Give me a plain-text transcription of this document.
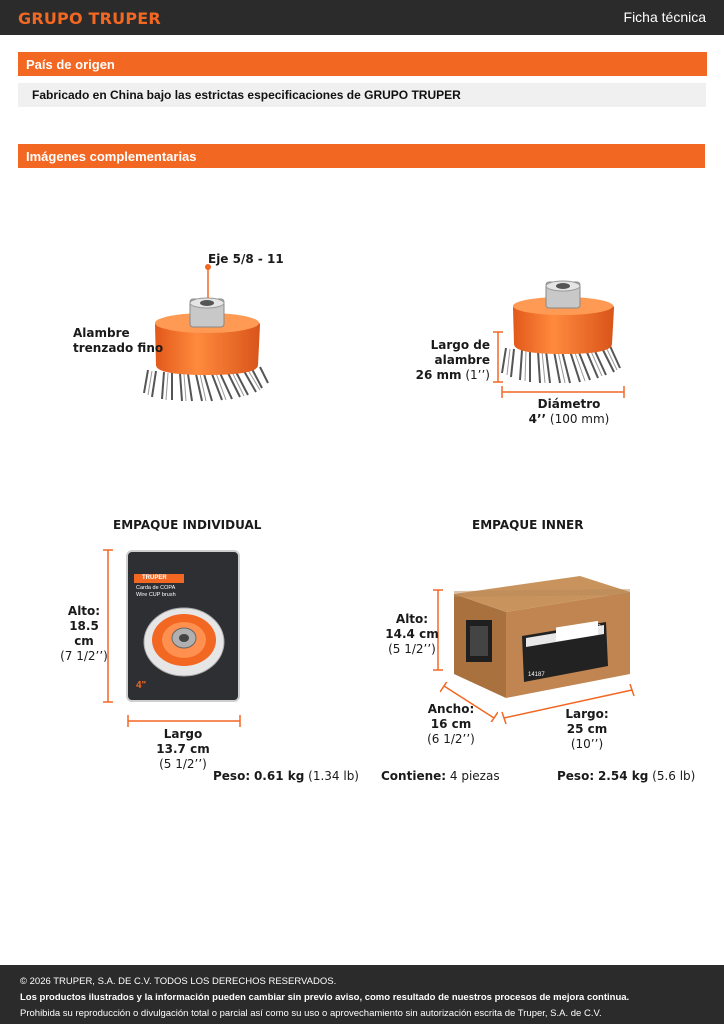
GRUPO TRUPER	Ficha técnica
País de origen
Fabricado en China bajo las estrictas especificaciones de GRUPO TRUPER
Imágenes complementarias
Eje 5/8 - 11
Alambre
trenzado fino	Largo de alambre
26 mm (1’’)
Diámetro
4’’ (100 mm)
EMPAQUE INDIVIDUAL
Alto:
18.5 cm
(7 1/2’’)
TRUPER
Carda de COPA
Wire CUP brush
4"
Largo
13.7 cm
(5 1/2’’)
Peso: 0.61 kg (1.34 lb)
EMPAQUE INNER
14187
TRUPER
Alto:
14.4 cm
(5 1/2’’)
Ancho:
16 cm
(6 1/2’’)
Largo:
25 cm
(10’’)
Contiene: 4 piezas	Peso: 2.54 kg (5.6 lb)
© 2026 TRUPER, S.A. DE C.V. TODOS LOS DERECHOS RESERVADOS.
Los productos ilustrados y la información pueden cambiar sin previo aviso, como resultado de nuestros procesos de mejora continua.
Prohibida su reproducción o divulgación total o parcial así como su uso o aprovechamiento sin autorización escrita de Truper, S.A. de C.V.
